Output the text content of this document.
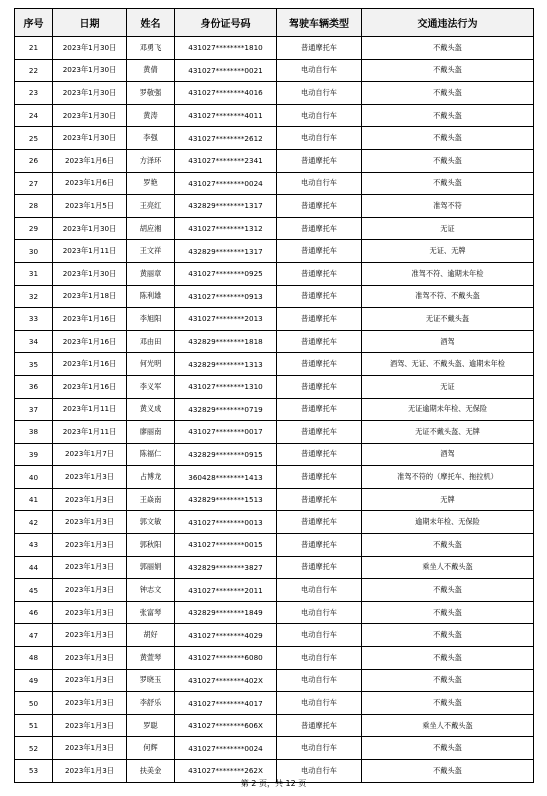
序号	日期	姓名	身份证号码	驾驶车辆类型	交通违法行为
21	2023年1月30日	邓勇飞	431027********1810	普通摩托车	不戴头盔
22	2023年1月30日	黄倩	431027********0021	电动自行车	不戴头盔
23	2023年1月30日	罗敬强	431027********4016	电动自行车	不戴头盔
24	2023年1月30日	黄涛	431027********4011	电动自行车	不戴头盔
25	2023年1月30日	李强	431027********2612	电动自行车	不戴头盔
26	2023年1月6日	方泽环	431027********2341	普通摩托车	不戴头盔
27	2023年1月6日	罗艳	431027********0024	电动自行车	不戴头盔
28	2023年1月5日	王亮红	432829********1317	普通摩托车	准驾不符
29	2023年1月30日	胡应湘	431027********1312	普通摩托车	无证
30	2023年1月11日	王文祥	432829********1317	普通摩托车	无证、无牌
31	2023年1月30日	黄丽章	431027********0925	普通摩托车	准驾不符、逾期未年检
32	2023年1月18日	陈利雄	431027********0913	普通摩托车	准驾不符、不戴头盔
33	2023年1月16日	李旭阳	431027********2013	普通摩托车	无证不戴头盔
34	2023年1月16日	邓由田	432829********1818	普通摩托车	酒驾
35	2023年1月16日	何光明	432829********1313	普通摩托车	酒驾、无证、不戴头盔、逾期未年检
36	2023年1月16日	李义军	431027********1310	普通摩托车	无证
37	2023年1月11日	黄义成	432829********0719	普通摩托车	无证逾期未年检、无保险
38	2023年1月11日	廖丽南	431027********0017	普通摩托车	无证不戴头盔、无牌
39	2023年1月7日	陈福仁	432829********0915	普通摩托车	酒驾
40	2023年1月3日	占博龙	360428********1413	普通摩托车	准驾不符的（摩托车、拖拉机）
41	2023年1月3日	王焱南	432829********1513	普通摩托车	无牌
42	2023年1月3日	郭文敏	431027********0013	普通摩托车	逾期未年检、无保险
43	2023年1月3日	郭秋阳	431027********0015	普通摩托车	不戴头盔
44	2023年1月3日	郭丽娟	432829********3827	普通摩托车	乘坐人不戴头盔
45	2023年1月3日	钟志文	431027********2011	电动自行车	不戴头盔
46	2023年1月3日	张富琴	432829********1849	电动自行车	不戴头盔
47	2023年1月3日	胡好	431027********4029	电动自行车	不戴头盔
48	2023年1月3日	黄萱琴	431027********6080	电动自行车	不戴头盔
49	2023年1月3日	罗晓玉	431027********402X	电动自行车	不戴头盔
50	2023年1月3日	李舒乐	431027********4017	电动自行车	不戴头盔
51	2023年1月3日	罗聪	431027********606X	普通摩托车	乘坐人不戴头盔
52	2023年1月3日	何辉	431027********0024	电动自行车	不戴头盔
53	2023年1月3日	扶美金	431027********262X	电动自行车	不戴头盔
第 2 页，共 12 页
